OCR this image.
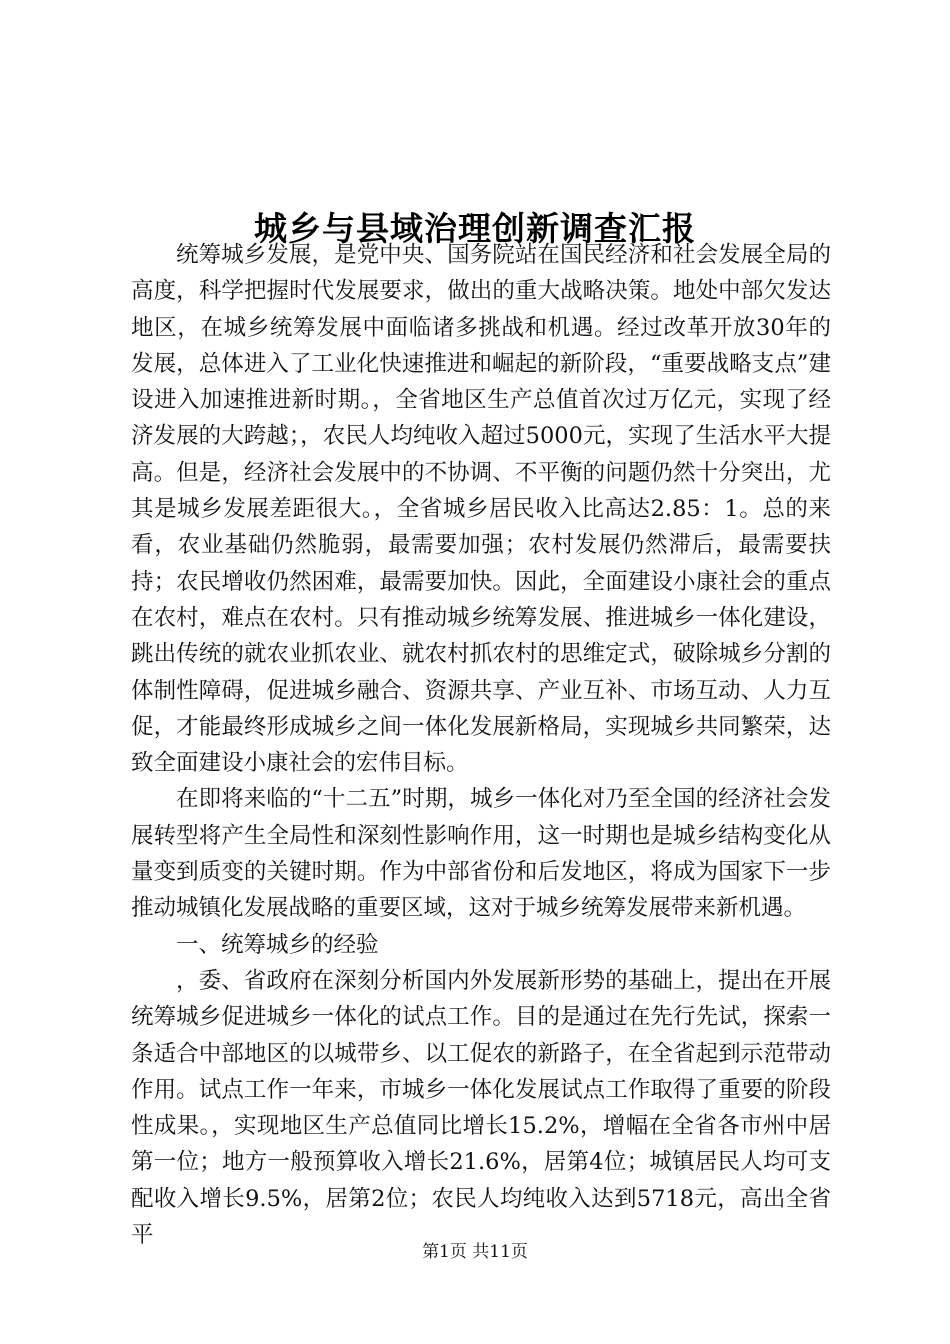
城乡与县域治理创新调查汇报

统筹城乡发展，是党中央、国务院站在国民经济和社会发展全局的高度，科学把握时代发展要求，做出的重大战略决策。地处中部欠发达地区，在城乡统筹发展中面临诸多挑战和机遇。经过改革开放30年的发展，总体进入了工业化快速推进和崛起的新阶段，“重要战略支点”建设进入加速推进新时期。，全省地区生产总值首次过万亿元，实现了经济发展的大跨越；，农民人均纯收入超过5000元，实现了生活水平大提高。但是，经济社会发展中的不协调、不平衡的问题仍然十分突出，尤其是城乡发展差距很大。，全省城乡居民收入比高达2.85：1。总的来看，农业基础仍然脆弱，最需要加强；农村发展仍然滞后，最需要扶持；农民增收仍然困难，最需要加快。因此，全面建设小康社会的重点在农村，难点在农村。只有推动城乡统筹发展、推进城乡一体化建设，跳出传统的就农业抓农业、就农村抓农村的思维定式，破除城乡分割的体制性障碍，促进城乡融合、资源共享、产业互补、市场互动、人力互促，才能最终形成城乡之间一体化发展新格局，实现城乡共同繁荣，达致全面建设小康社会的宏伟目标。

在即将来临的“十二五”时期，城乡一体化对乃至全国的经济社会发展转型将产生全局性和深刻性影响作用，这一时期也是城乡结构变化从量变到质变的关键时期。作为中部省份和后发地区，将成为国家下一步推动城镇化发展战略的重要区域，这对于城乡统筹发展带来新机遇。

一、统筹城乡的经验

，委、省政府在深刻分析国内外发展新形势的基础上，提出在开展统筹城乡促进城乡一体化的试点工作。目的是通过在先行先试，探索一条适合中部地区的以城带乡、以工促农的新路子，在全省起到示范带动作用。试点工作一年来，市城乡一体化发展试点工作取得了重要的阶段性成果。，实现地区生产总值同比增长15.2%，增幅在全省各市州中居第一位；地方一般预算收入增长21.6%，居第4位；城镇居民人均可支配收入增长9.5%，居第2位；农民人均纯收入达到5718元，高出全省平

第1页 共11页
